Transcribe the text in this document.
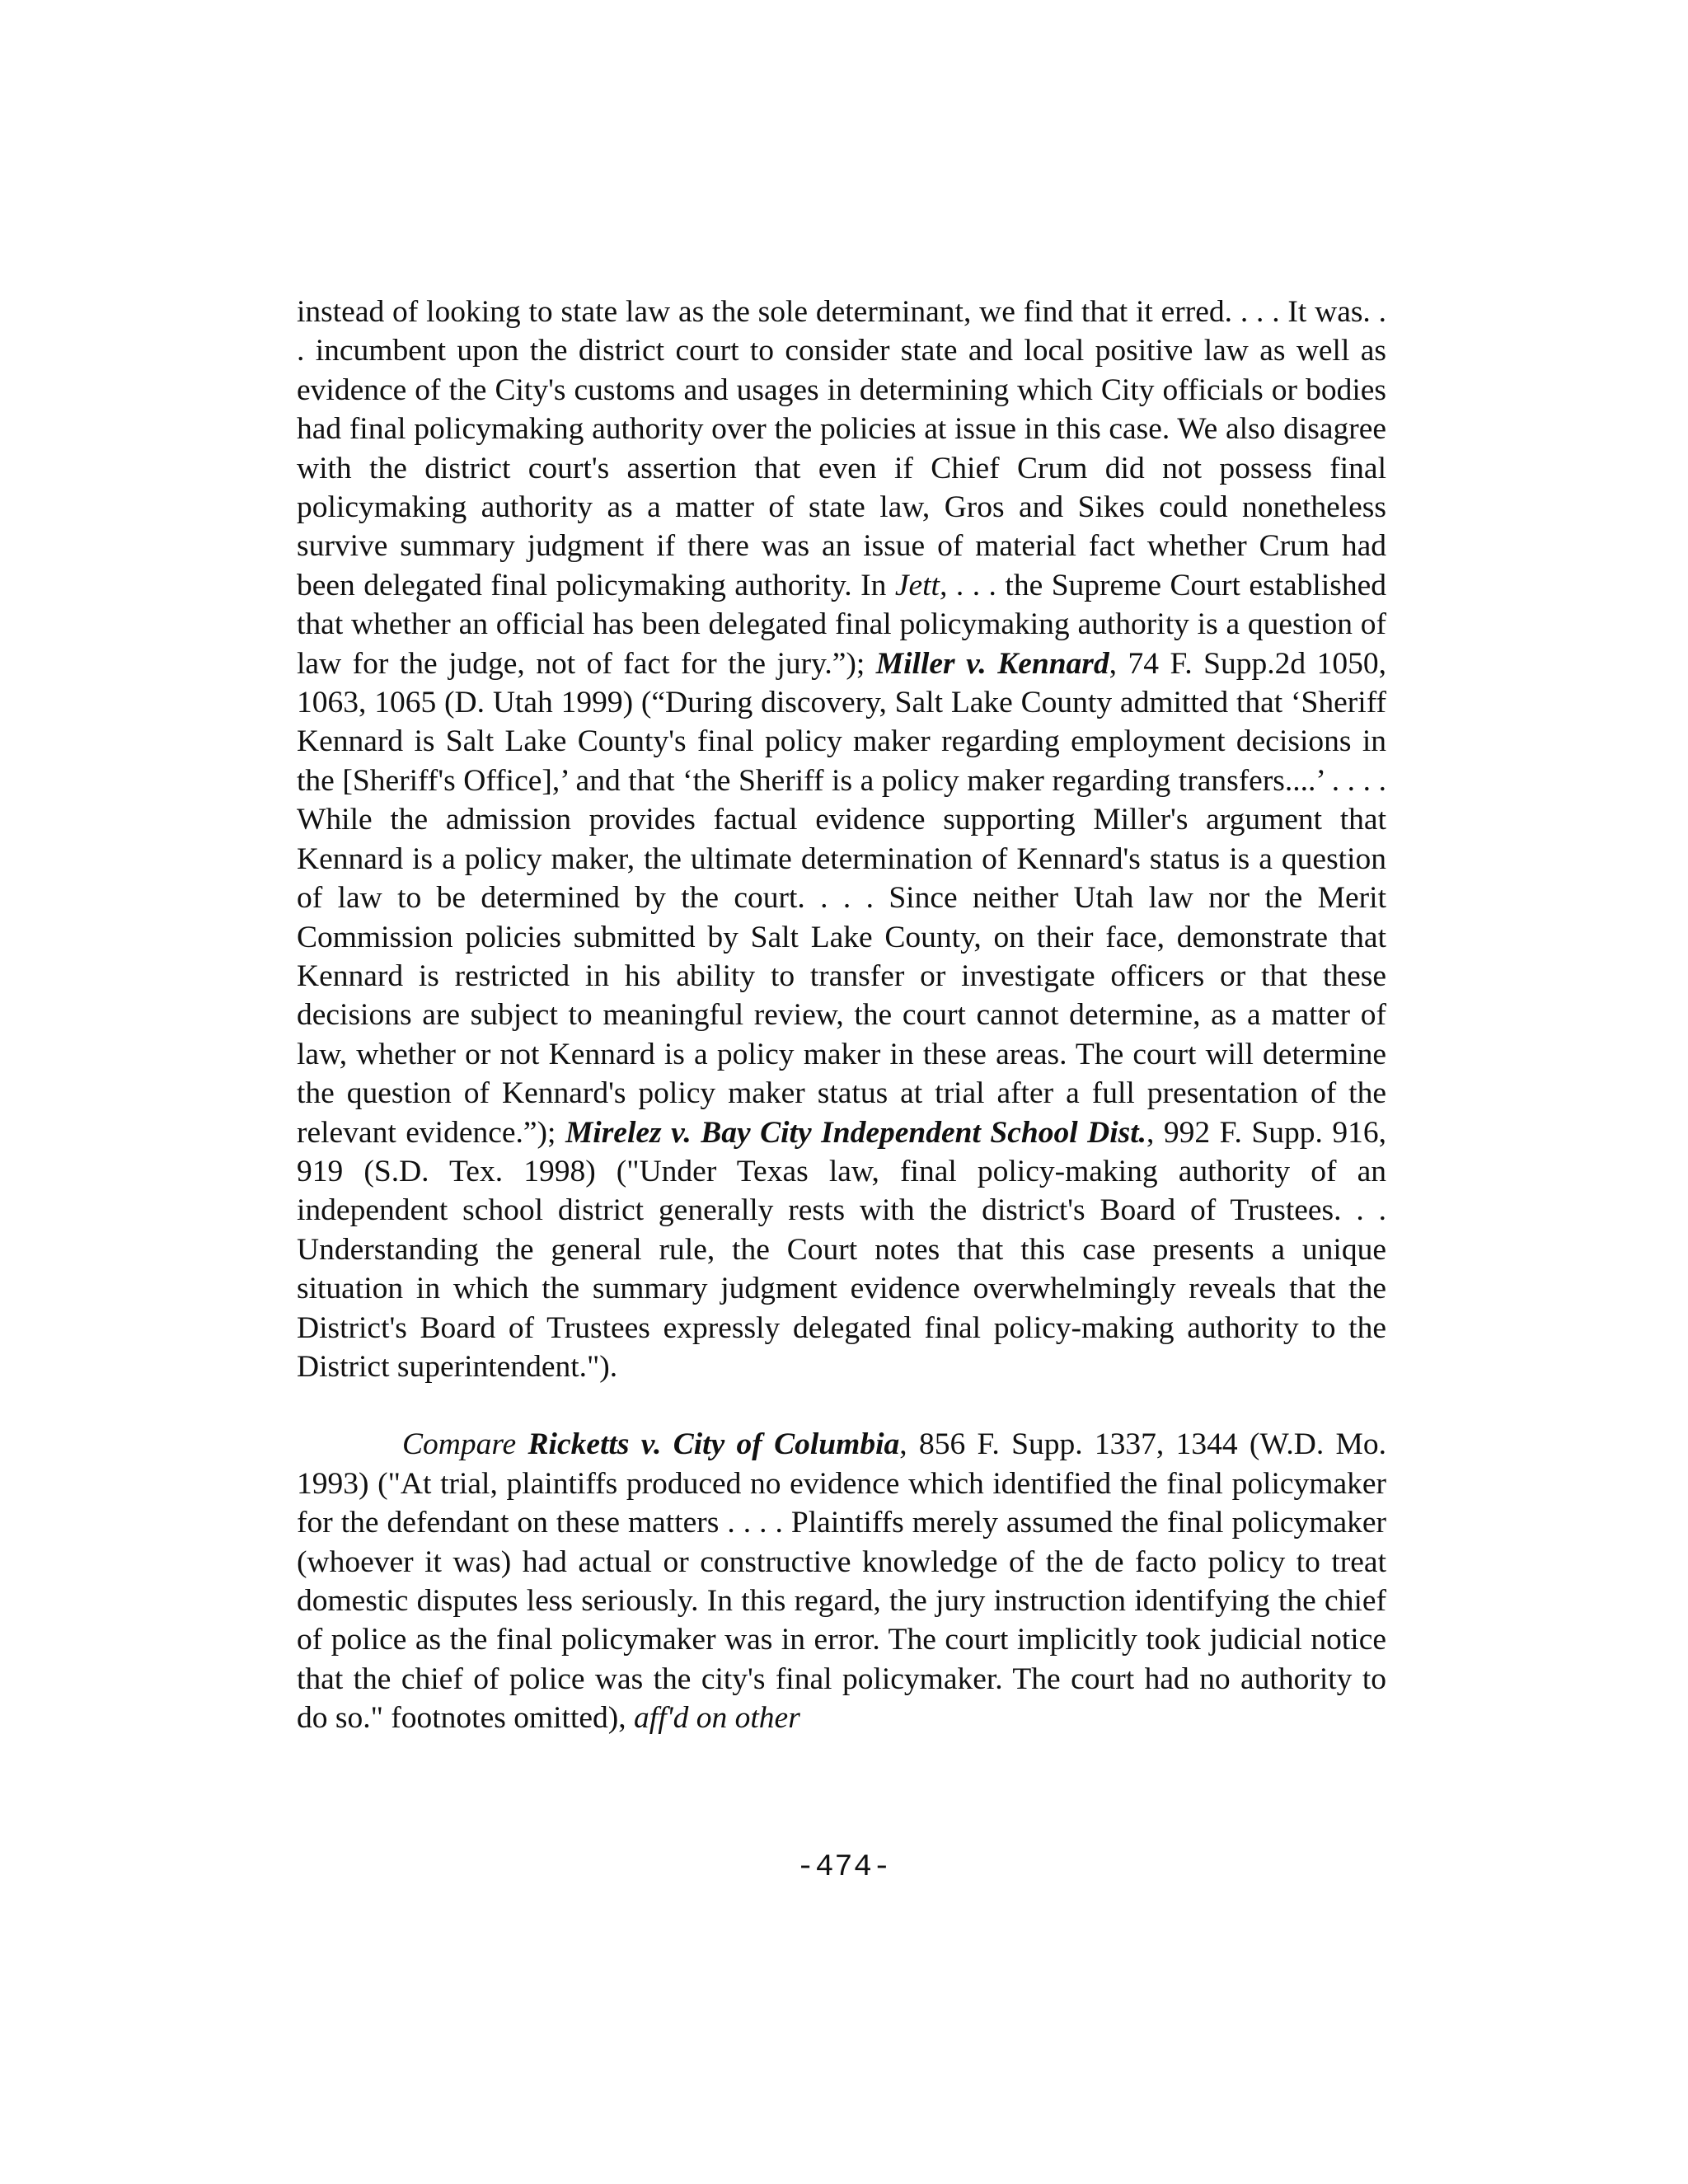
instead of looking to state law as the sole determinant, we find that it erred. . . . It was. . . incumbent upon the district court to consider state and local positive law as well as evidence of the City's customs and usages in determining which City officials or bodies had final policymaking authority over the policies at issue in this case. We also disagree with the district court's assertion that even if Chief Crum did not possess final policymaking authority as a matter of state law, Gros and Sikes could nonetheless survive summary judgment if there was an issue of material fact whether Crum had been delegated final policymaking authority. In Jett, . . . the Supreme Court established that whether an official has been delegated final policymaking authority is a question of law for the judge, not of fact for the jury.”); Miller v. Kennard, 74 F. Supp.2d 1050, 1063, 1065 (D. Utah 1999) (“During discovery, Salt Lake County admitted that ‘Sheriff Kennard is Salt Lake County's final policy maker regarding employment decisions in the [Sheriff's Office],’ and that ‘the Sheriff is a policy maker regarding transfers....’ . . . . While the admission provides factual evidence supporting Miller's argument that Kennard is a policy maker, the ultimate determination of Kennard's status is a question of law to be determined by the court. . . . Since neither Utah law nor the Merit Commission policies submitted by Salt Lake County, on their face, demonstrate that Kennard is restricted in his ability to transfer or investigate officers or that these decisions are subject to meaningful review, the court cannot determine, as a matter of law, whether or not Kennard is a policy maker in these areas. The court will determine the question of Kennard's policy maker status at trial after a full presentation of the relevant evidence.”); Mirelez v. Bay City Independent School Dist., 992 F. Supp. 916, 919 (S.D. Tex. 1998) ("Under Texas law, final policy-making authority of an independent school district generally rests with the district's Board of Trustees. . . Understanding the general rule, the Court notes that this case presents a unique situation in which the summary judgment evidence overwhelmingly reveals that the District's Board of Trustees expressly delegated final policy-making authority to the District superintendent.").

Compare Ricketts v. City of Columbia, 856 F. Supp. 1337, 1344 (W.D. Mo. 1993) ("At trial, plaintiffs produced no evidence which identified the final policymaker for the defendant on these matters . . . . Plaintiffs merely assumed the final policymaker (whoever it was) had actual or constructive knowledge of the de facto policy to treat domestic disputes less seriously. In this regard, the jury instruction identifying the chief of police as the final policymaker was in error. The court implicitly took judicial notice that the chief of police was the city's final policymaker. The court had no authority to do so." footnotes omitted), aff'd on other

-474-
